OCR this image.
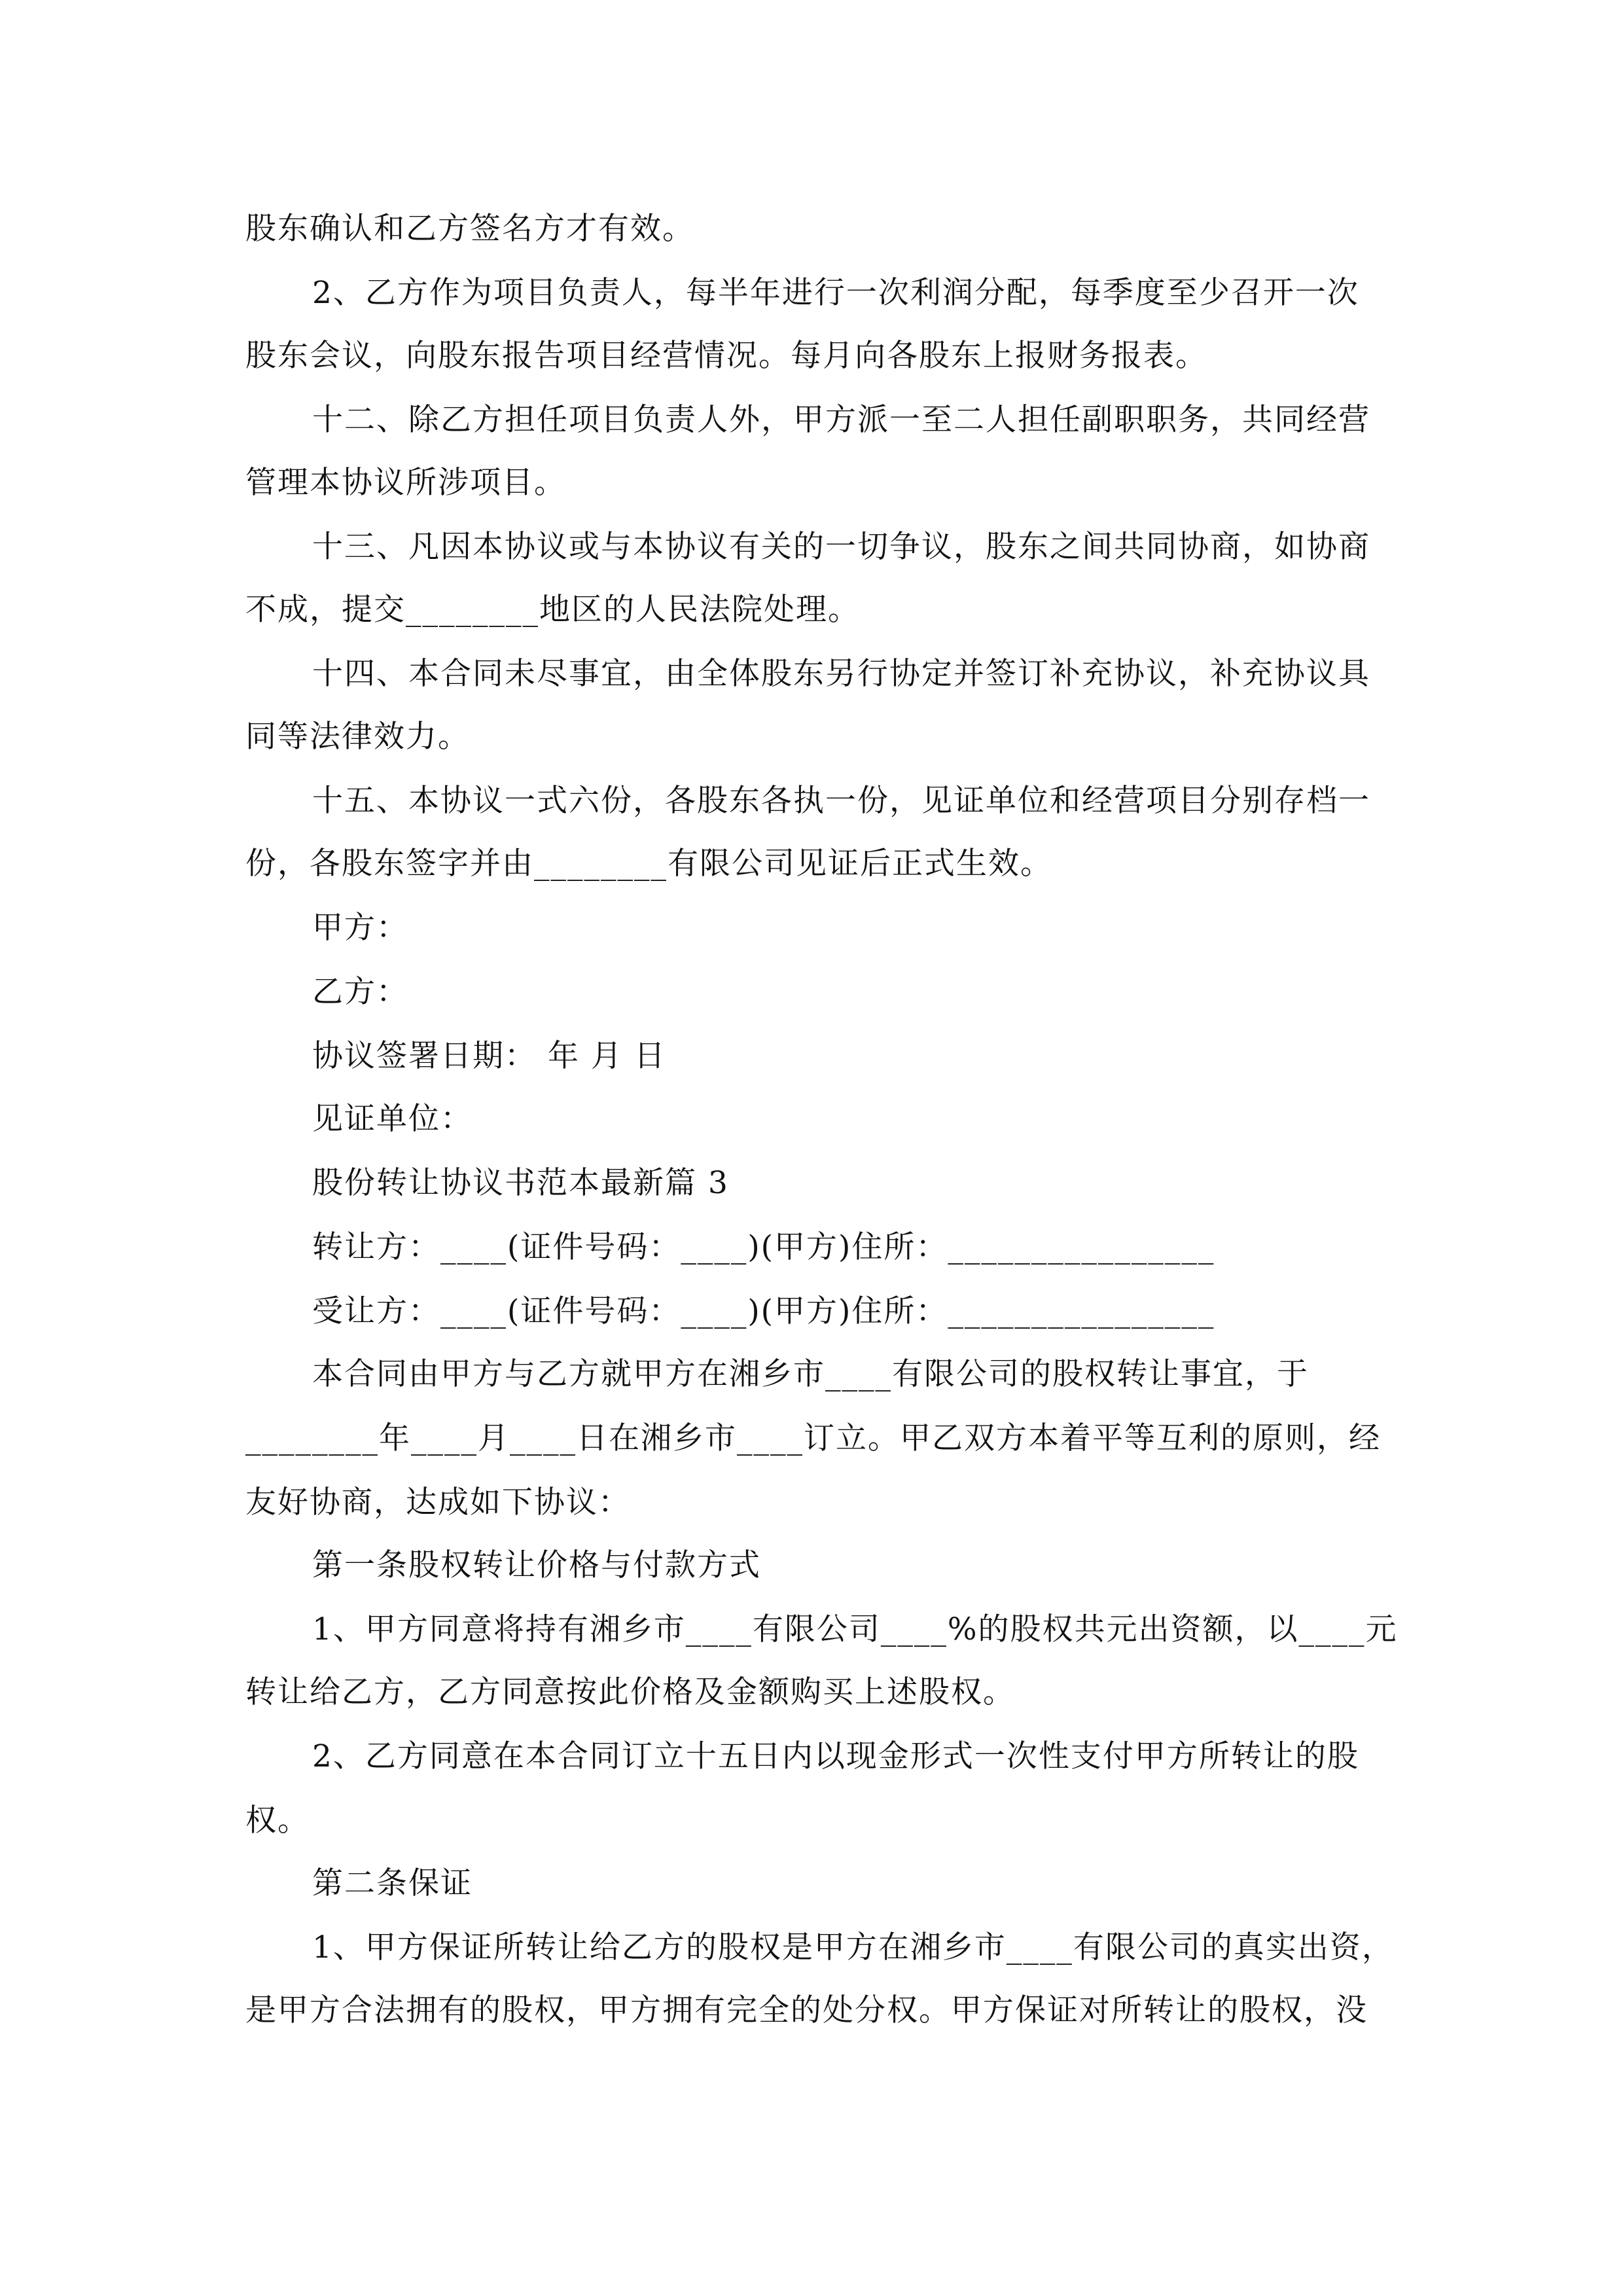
股东确认和乙方签名方才有效。
2、乙方作为项目负责人，每半年进行一次利润分配，每季度至少召开一次
股东会议，向股东报告项目经营情况。每月向各股东上报财务报表。
十二、除乙方担任项目负责人外，甲方派一至二人担任副职职务，共同经营
管理本协议所涉项目。
十三、凡因本协议或与本协议有关的一切争议，股东之间共同协商，如协商
不成，提交________地区的人民法院处理。
十四、本合同未尽事宜，由全体股东另行协定并签订补充协议，补充协议具
同等法律效力。
十五、本协议一式六份，各股东各执一份，见证单位和经营项目分别存档一
份，各股东签字并由________有限公司见证后正式生效。
甲方：
乙方：
协议签署日期： 年 月 日
见证单位：
股份转让协议书范本最新篇 3
转让方：____(证件号码：____)(甲方)住所：________________
受让方：____(证件号码：____)(甲方)住所：________________
本合同由甲方与乙方就甲方在湘乡市____有限公司的股权转让事宜，于
________年____月____日在湘乡市____订立。甲乙双方本着平等互利的原则，经
友好协商，达成如下协议：
第一条股权转让价格与付款方式
1、甲方同意将持有湘乡市____有限公司____%的股权共元出资额，以____元
转让给乙方，乙方同意按此价格及金额购买上述股权。
2、乙方同意在本合同订立十五日内以现金形式一次性支付甲方所转让的股
权。
第二条保证
1、甲方保证所转让给乙方的股权是甲方在湘乡市____有限公司的真实出资，
是甲方合法拥有的股权，甲方拥有完全的处分权。甲方保证对所转让的股权，没
